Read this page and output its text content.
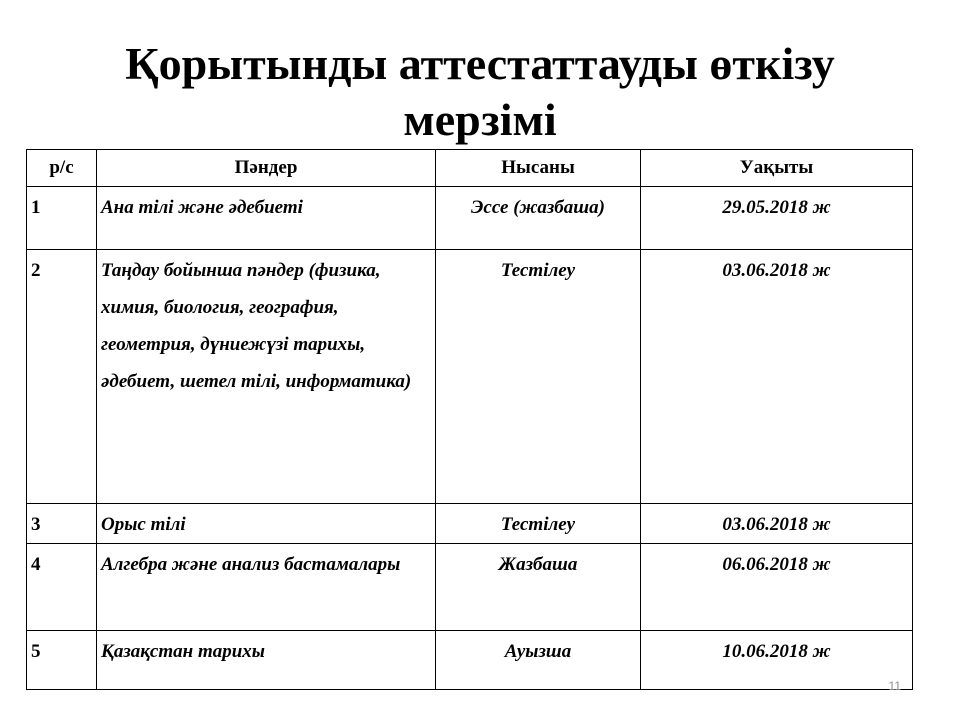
Қорытынды аттестаттауды өткізу
мерзімі
р/с	Пәндер	Нысаны	Уақыты
1	Ана тілі және әдебиеті	Эссе (жазбаша)	29.05.2018 ж
2	Таңдау бойынша пәндер (физика, химия, биология, география, геометрия, дүниежүзі тарихы, әдебиет, шетел тілі, информатика)	Тестілеу	03.06.2018 ж
3	Орыс тілі	Тестілеу	03.06.2018 ж
4	Алгебра және анализ бастамалары	Жазбаша	06.06.2018 ж
5	Қазақстан тарихы	Ауызша	10.06.2018 ж
11
